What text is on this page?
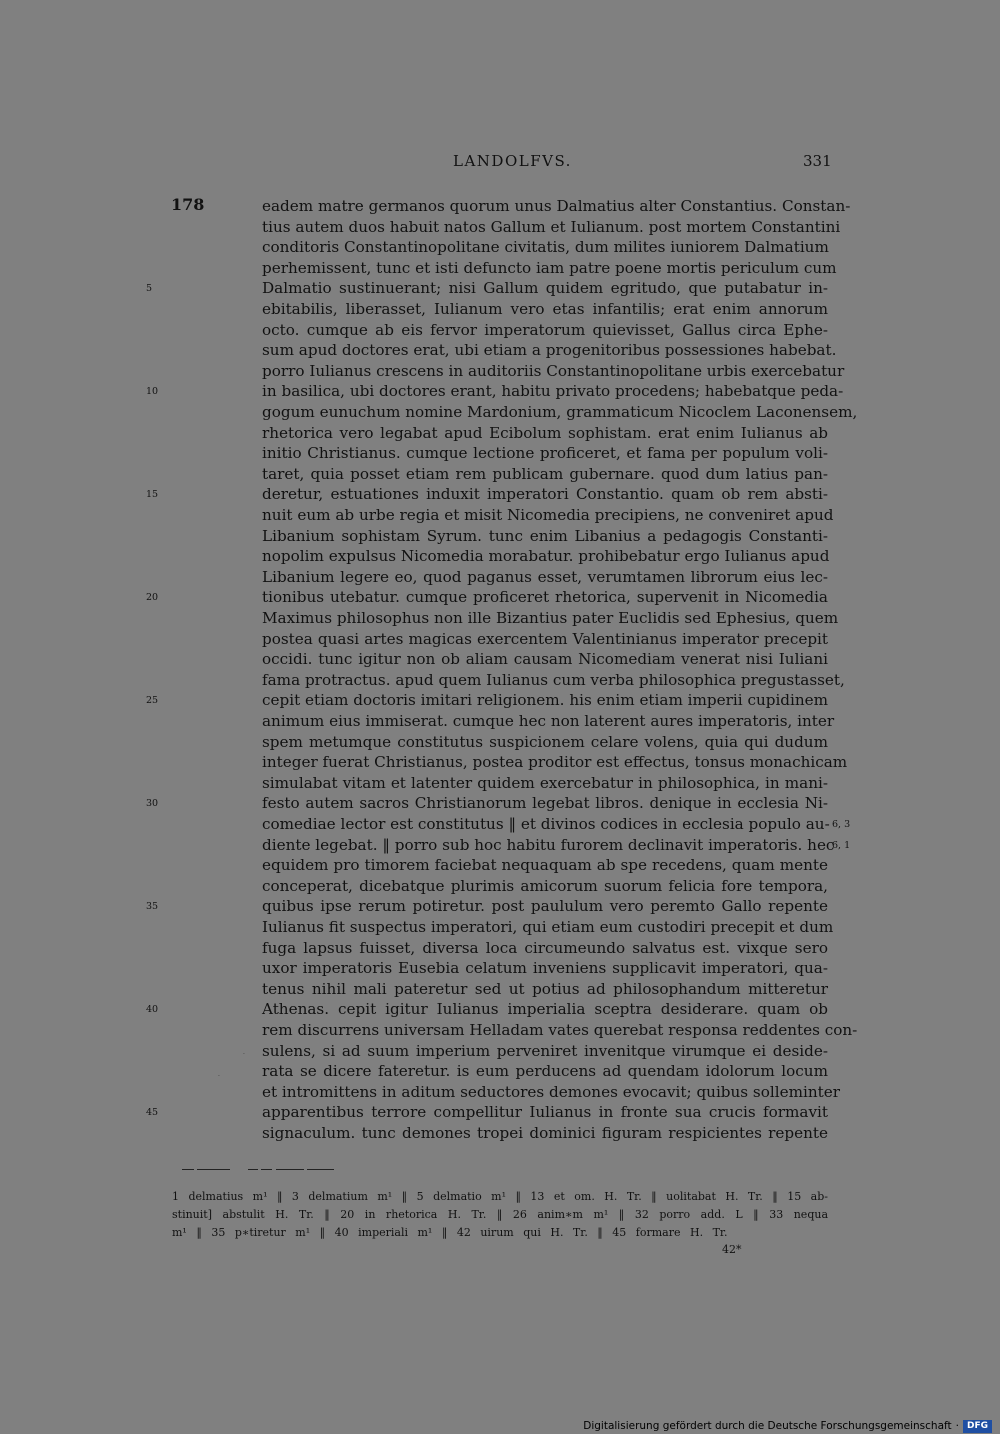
LANDOLFVS.	331
178	eadem matre germanos quorum unus Dalmatius alter Constantius. Constan-
tius autem duos habuit natos Gallum et Iulianum. post mortem Constantini
conditoris Constantinopolitane civitatis, dum milites iuniorem Dalmatium
perhemissent, tunc et isti defuncto iam patre poene mortis periculum cum
Dalmatio sustinuerant; nisi Gallum quidem egritudo, que putabatur in-
ebitabilis, liberasset, Iulianum vero etas infantilis; erat enim annorum
octo. cumque ab eis fervor imperatorum quievisset, Gallus circa Ephe-
sum apud doctores erat, ubi etiam a progenitoribus possessiones habebat.
porro Iulianus crescens in auditoriis Constantinopolitane urbis exercebatur
in basilica, ubi doctores erant, habitu privato procedens; habebatque peda-
gogum eunuchum nomine Mardonium, grammaticum Nicoclem Laconensem,
rhetorica vero legabat apud Ecibolum sophistam. erat enim Iulianus ab
initio Christianus. cumque lectione proficeret, et fama per populum voli-
taret, quia posset etiam rem publicam gubernare. quod dum latius pan-
deretur, estuationes induxit imperatori Constantio. quam ob rem absti-
nuit eum ab urbe regia et misit Nicomedia precipiens, ne conveniret apud
Libanium sophistam Syrum. tunc enim Libanius a pedagogis Constanti-
nopolim expulsus Nicomedia morabatur. prohibebatur ergo Iulianus apud
Libanium legere eo, quod paganus esset, verumtamen librorum eius lec-
tionibus utebatur. cumque proficeret rhetorica, supervenit in Nicomedia
Maximus philosophus non ille Bizantius pater Euclidis sed Ephesius, quem
postea quasi artes magicas exercentem Valentinianus imperator precepit
occidi. tunc igitur non ob aliam causam Nicomediam venerat nisi Iuliani
fama protractus. apud quem Iulianus cum verba philosophica pregustasset,
cepit etiam doctoris imitari religionem. his enim etiam imperii cupidinem
animum eius immiserat. cumque hec non laterent aures imperatoris, inter
spem metumque constitutus suspicionem celare volens, quia qui dudum
integer fuerat Christianus, postea proditor est effectus, tonsus monachicam
simulabat vitam et latenter quidem exercebatur in philosophica, in mani-
festo autem sacros Christianorum legebat libros. denique in ecclesia Ni-
comediae lector est constitutus ‖ et divinos codices in ecclesia populo au-
diente legebat. ‖ porro sub hoc habitu furorem declinavit imperatoris. hec
equidem pro timorem faciebat nequaquam ab spe recedens, quam mente
conceperat, dicebatque plurimis amicorum suorum felicia fore tempora,
quibus ipse rerum potiretur. post paululum vero peremto Gallo repente
Iulianus fit suspectus imperatori, qui etiam eum custodiri precepit et dum
fuga lapsus fuisset, diversa loca circumeundo salvatus est. vixque sero
uxor imperatoris Eusebia celatum inveniens supplicavit imperatori, qua-
tenus nihil mali pateretur sed ut potius ad philosophandum mitteretur
Athenas. cepit igitur Iulianus imperialia sceptra desiderare. quam ob
rem discurrens universam Helladam vates querebat responsa reddentes con-
sulens, si ad suum imperium perveniret invenitque virumque ei deside-
rata se dicere fateretur. is eum perducens ad quendam idolorum locum
et intromittens in aditum seductores demones evocavit; quibus solleminter
apparentibus terrore compellitur Iulianus in fronte sua crucis formavit
signaculum. tunc demones tropei dominici figuram respicientes repente
5
10
15
20
25
30
35
40
45
6, 3
6, 1
·
·
1 delmatius m¹ ‖ 3 delmatium m¹ ‖ 5 delmatio m¹ ‖ 13 et om. H. Tr. ‖ uolitabat H. Tr. ‖ 15 ab-
stinuit] abstulit H. Tr. ‖ 20 in rhetorica H. Tr. ‖ 26 anim∗m m¹ ‖ 32 porro add. L ‖ 33 nequa
m¹ ‖ 35 p∗tiretur m¹ ‖ 40 imperiali m¹ ‖ 42 uirum qui H. Tr. ‖ 45 formare H. Tr.
42*
Digitalisierung gefördert durch die Deutsche Forschungsgemeinschaft · DFG
